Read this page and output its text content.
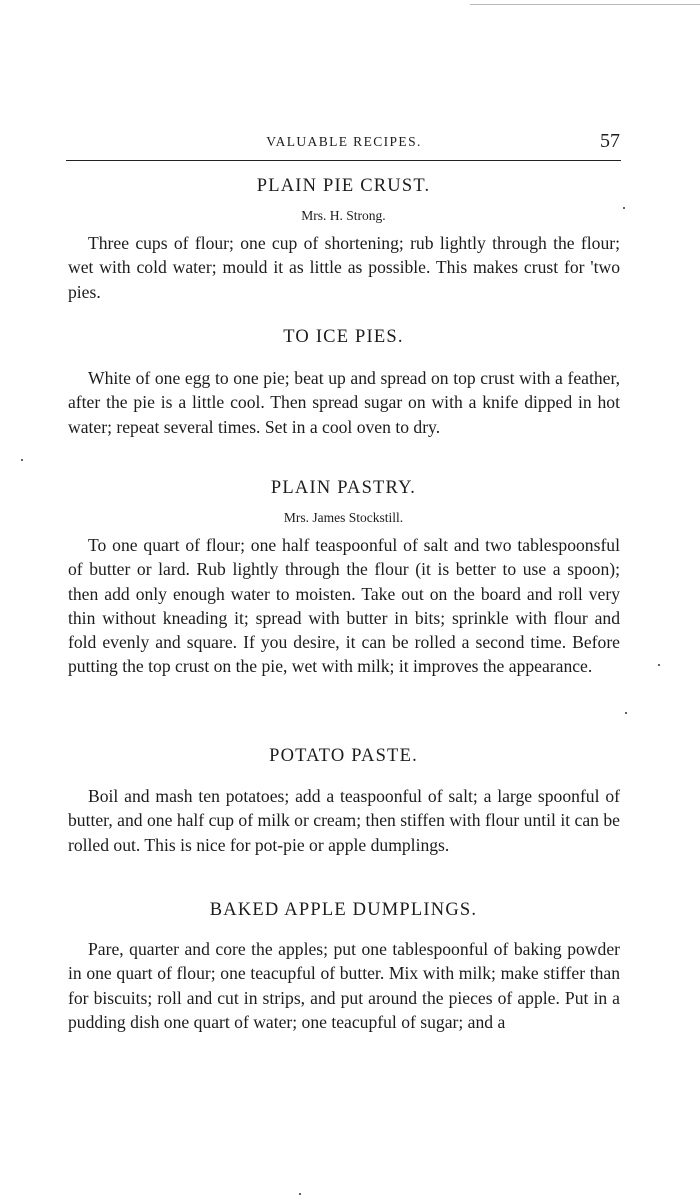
VALUABLE RECIPES.	57
PLAIN PIE CRUST.
Mrs. H. Strong.
Three cups of flour; one cup of shortening; rub lightly through the flour; wet with cold water; mould it as little as possible. This makes crust for 'two pies.
TO ICE PIES.
White of one egg to one pie; beat up and spread on top crust with a feather, after the pie is a little cool. Then spread sugar on with a knife dipped in hot water; repeat several times. Set in a cool oven to dry.
PLAIN PASTRY.
Mrs. James Stockstill.
To one quart of flour; one half teaspoonful of salt and two tablespoonsful of butter or lard. Rub lightly through the flour (it is better to use a spoon); then add only enough water to moisten. Take out on the board and roll very thin without kneading it; spread with butter in bits; sprinkle with flour and fold evenly and square. If you desire, it can be rolled a second time. Before putting the top crust on the pie, wet with milk; it improves the appearance.
POTATO PASTE.
Boil and mash ten potatoes; add a teaspoonful of salt; a large spoonful of butter, and one half cup of milk or cream; then stiffen with flour until it can be rolled out. This is nice for pot-pie or apple dumplings.
BAKED APPLE DUMPLINGS.
Pare, quarter and core the apples; put one tablespoonful of baking powder in one quart of flour; one teacupful of butter. Mix with milk; make stiffer than for biscuits; roll and cut in strips, and put around the pieces of apple. Put in a pudding dish one quart of water; one teacupful of sugar; and a
